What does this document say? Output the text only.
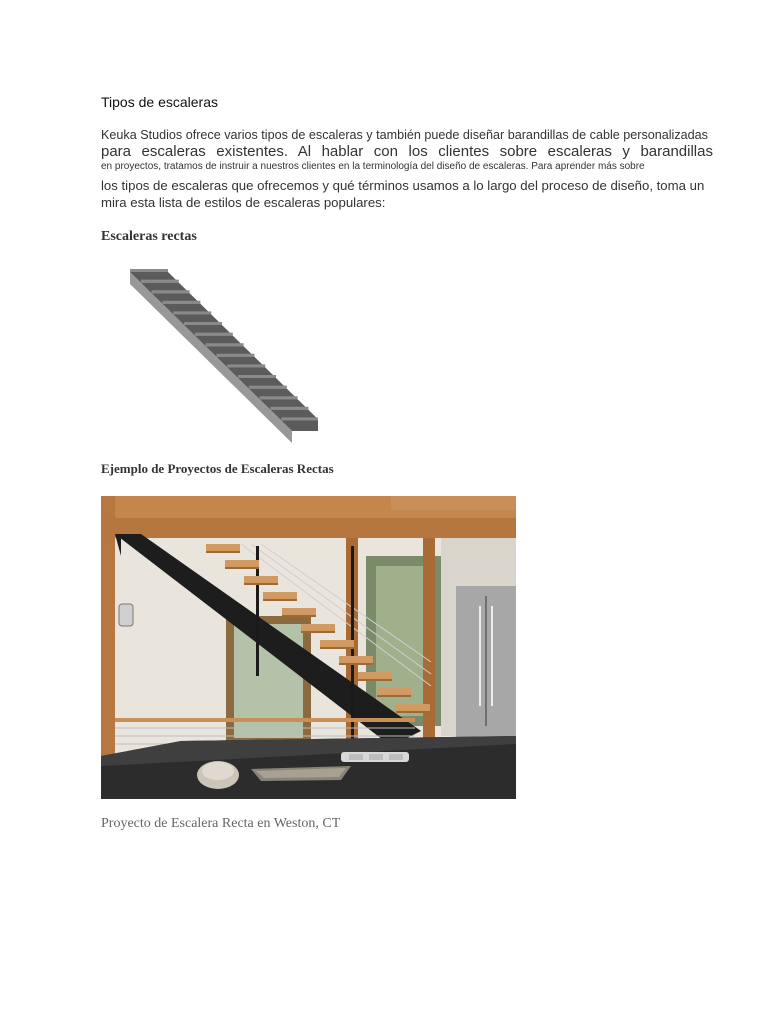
Tipos de escaleras
Keuka Studios ofrece varios tipos de escaleras y también puede diseñar barandillas de cable personalizadas
para escaleras existentes. Al hablar con los clientes sobre escaleras y barandillas
en proyectos, tratamos de instruir a nuestros clientes en la terminología del diseño de escaleras. Para aprender más sobre
los tipos de escaleras que ofrecemos y qué términos usamos a lo largo del proceso de diseño, toma un mira esta lista de estilos de escaleras populares:
Escaleras rectas
Ejemplo de Proyectos de Escaleras Rectas
Proyecto de Escalera Recta en Weston, CT
